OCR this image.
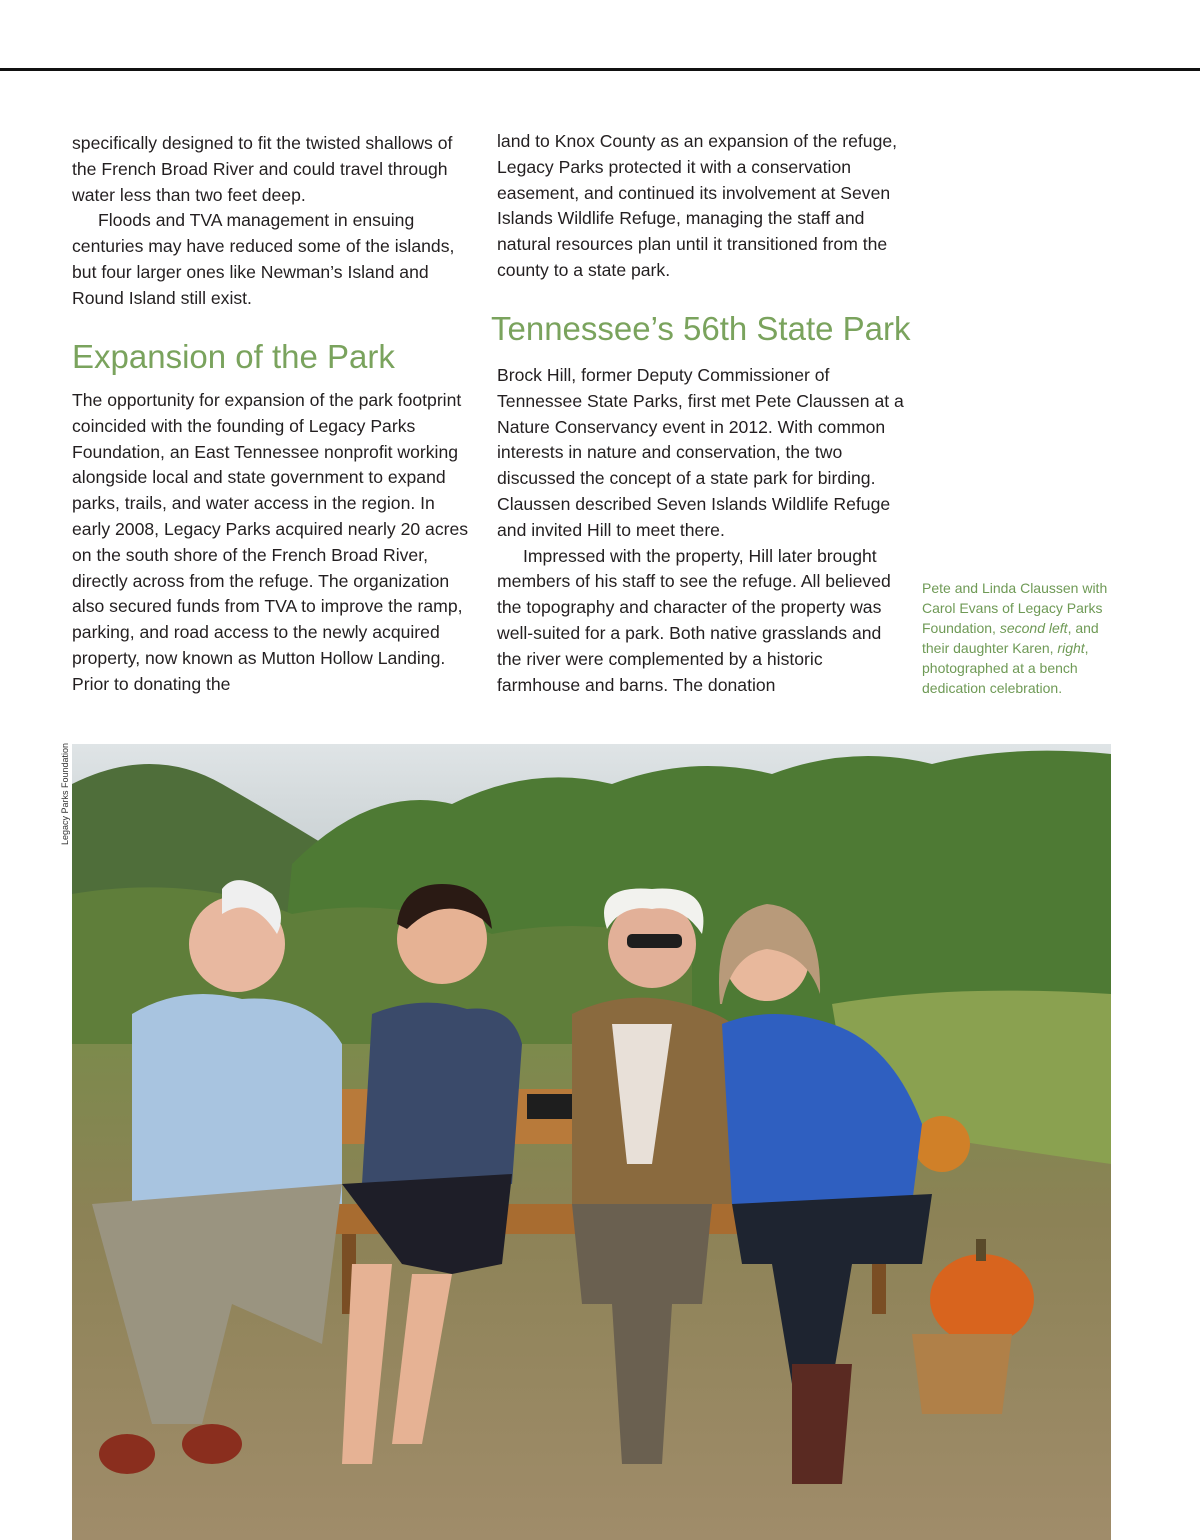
specifically designed to fit the twisted shallows of the French Broad River and could travel through water less than two feet deep.

Floods and TVA management in ensuing centuries may have reduced some of the islands, but four larger ones like Newman’s Island and Round Island still exist.

Expansion of the Park

The opportunity for expansion of the park footprint coincided with the founding of Legacy Parks Foundation, an East Tennessee nonprofit working alongside local and state government to expand parks, trails, and water access in the region. In early 2008, Legacy Parks acquired nearly 20 acres on the south shore of the French Broad River, directly across from the refuge. The organization also secured funds from TVA to improve the ramp, parking, and road access to the newly acquired property, now known as Mutton Hollow Landing. Prior to donating the

land to Knox County as an expansion of the refuge, Legacy Parks protected it with a conservation easement, and continued its involvement at Seven Islands Wildlife Refuge, managing the staff and natural resources plan until it transitioned from the county to a state park.

Tennessee’s 56th State Park

Brock Hill, former Deputy Commissioner of Tennessee State Parks, first met Pete Claussen at a Nature Conservancy event in 2012. With common interests in nature and conservation, the two discussed the concept of a state park for birding. Claussen described Seven Islands Wildlife Refuge and invited Hill to meet there.

Impressed with the property, Hill later brought members of his staff to see the refuge. All believed the topography and character of the property was well-suited for a park. Both native grasslands and the river were complemented by a historic farmhouse and barns. The donation

Pete and Linda Claussen with Carol Evans of Legacy Parks Foundation, second left, and their daughter Karen, right, photographed at a bench dedication celebration.
Legacy Parks Foundation
